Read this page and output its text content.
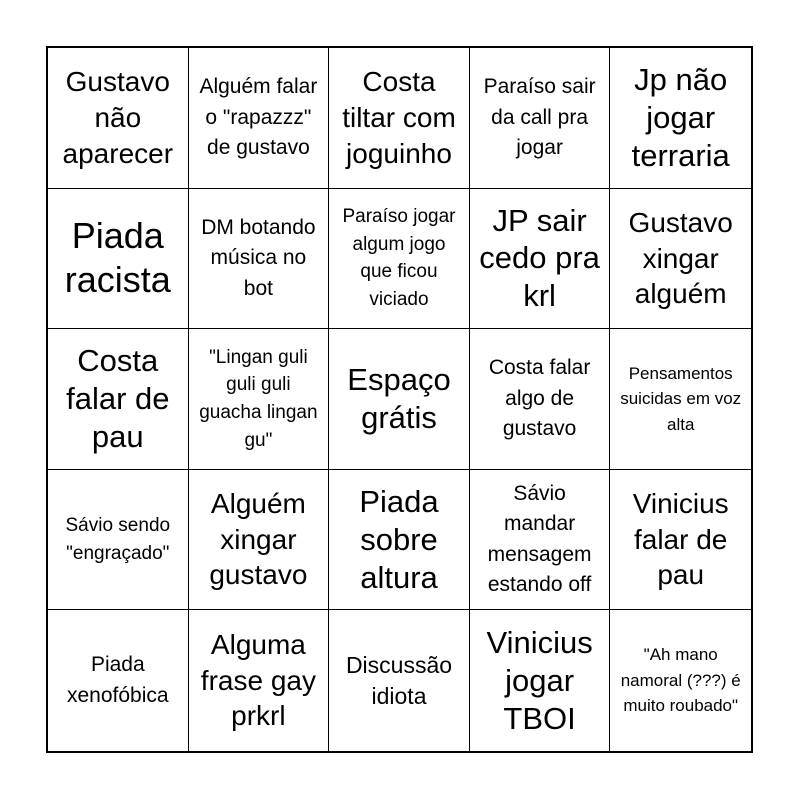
Gustavo não aparecer
Alguém falar o "rapazzz" de gustavo
Costa tiltar com joguinho
Paraíso sair da call pra jogar
Jp não jogar terraria
Piada racista
DM botando música no bot
Paraíso jogar algum jogo que ficou viciado
JP sair cedo pra krl
Gustavo xingar alguém
Costa falar de pau
"Lingan guli guli guli guacha lingan gu"
Espaço grátis
Costa falar algo de gustavo
Pensamentos suicidas em voz alta
Sávio sendo "engraçado"
Alguém xingar gustavo
Piada sobre altura
Sávio mandar mensagem estando off
Vinicius falar de pau
Piada xenofóbica
Alguma frase gay prkrl
Discussão idiota
Vinicius jogar TBOI
"Ah mano namoral (???) é muito roubado"
